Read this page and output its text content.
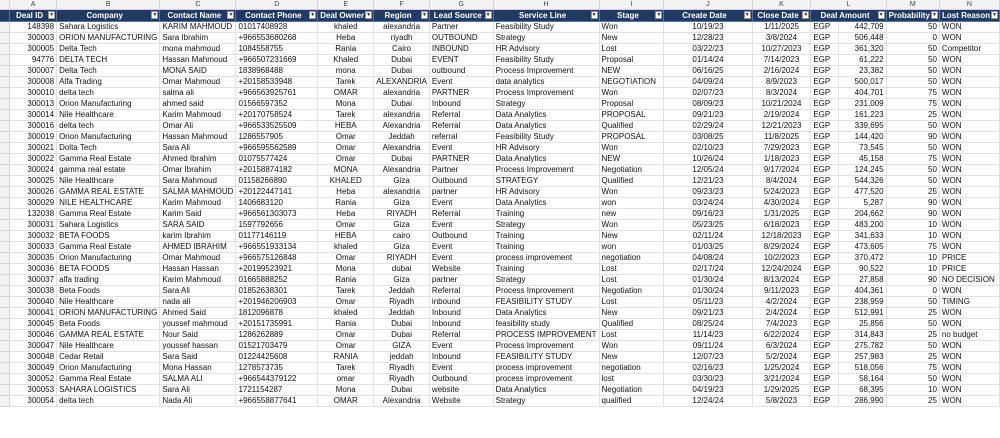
	A	B	C	D	E	F	G	H	I	J	K	L		M	N
	Deal ID ▼	Company ▼	Contact Name ▼	Contact Phone ▼	Deal Owner ▼	Region ▼	Lead Source ▼	Service Line ▼	Stage ▼	Create Date ▼	Close Date ▼	Deal Amount ▼		Probability ▼	Lost Reason ▼

	148398	Sahara Logistics	KARIM MAHMOUD	01017408928	khaled	alexandria	Partner	Feasibility Study	Won	10/19/23	1/11/2025	EGP	442,709	50	WON
	300003	ORION MANUFACTURING	Sara Ibrahim	+966553680268	Heba	riyadh	OUTBOUND	Strategy	New	12/28/23	3/8/2024	EGP	506,448	0	WON
	300005	Delta Tech	mona mahmoud	1084558755	Rania	Cairo	INBOUND	HR Advisory	Lost	03/22/23	10/27/2023	EGP	361,320	50	Competitor
	94776	DELTA TECH	Hassan Mahmoud	+966507231669	Khaled	Dubai	EVENT	Feasibility Study	Proposal	01/14/24	7/14/2023	EGP	61,222	50	WON
	300007	Delta Tech	MONA SAID	1838968488	mona	Dubai	outbound	Process Improvement	NEW	06/16/25	2/16/2024	EGP	23,382	50	WON
	300008	Alfa Trading	Omar Mahmoud	+20158533948	Tarek	ALEXANDRIA	Event	data analytics	NEGOTIATION	04/09/24	8/9/2023	EGP	500,017	50	WON
	300010	delta tech	salma ali	+966563925761	OMAR	alexandria	PARTNER	Process Improvement	Won	02/07/23	8/3/2024	EGP	404,701	75	WON
	300013	Orion Manufacturing	ahmed said	01566597352	Mona	Dubai	Inbound	Strategy	Proposal	08/09/23	10/21/2024	EGP	231,009	75	WON
	300014	Nile Healthcare	Karim Mahmoud	+20170758524	Tarek	alexandria	Referral	Data Analytics	PROPOSAL	09/21/23	2/19/2024	EGP	161,223	25	WON
	300016	delta tech	Omar Ali	+966533525509	HEBA	Alexandria	Referral	Data Analytics	Qualified	02/29/24	12/21/2023	EGP	339,695	50	WON
	300019	Orion Manufacturing	Hassan Mahmoud	1286557905	Omar	Jeddah	referral	Feasibility Study	PROPOSAL	03/08/25	11/8/2025	EGP	144,420	90	WON
	300021	Dolta Tech	Sara Ali	+966595562589	Omar	Alexandria	Event	HR Advisory	Won	02/10/23	7/29/2023	EGP	73,545	50	WON
	300022	Gamma Real Estate	Ahmed Ibrahim	01075577424	Omar	Dubai	PARTNER	Data Analytics	NEW	10/26/24	1/18/2023	EGP	45,158	75	WON
	300024	gamma real estate	Omar Ibrahim	+20158874182	MONA	Alexandria	Partner	Process Improvement	Negotiation	12/05/24	9/17/2024	EGP	124,245	50	WON
	300025	Nile Healthcare	Sara Mahmoud	01158266890	KHALED	Giza	Outbound	STRATEGY	Qualified	12/21/23	8/4/2024	EGP	544,326	50	WON
	300026	GAMMA REAL ESTATE	SALMA MAHMOUD	+20122447141	Heba	alexandria	partner	HR Advisory	Won	09/23/23	5/24/2023	EGP	477,520	25	WON
	300029	NILE HEALTHCARE	Karim Mahmoud	1406683120	Rania	Giza	Event	Data Analytics	won	03/24/24	4/30/2024	EGP	5,287	90	WON
	132038	Gamma Real Estate	Karim Said	+966561303073	Heba	RIYADH	Referral	Training	new	09/16/23	1/31/2025	EGP	204,662	90	WON
	300031	Sahara Logistics	SARA SAID	1597792656	Omar	Giza	Event	Strategy	Won	05/23/25	6/18/2023	EGP	483,200	10	WON
	300032	BETA FOODS	karim Ibrahim	01177146119	HEBA	cairo	Outbound	Training	New	02/11/24	12/18/2023	EGP	341,633	10	WON
	300033	Gamma Real Estate	AHMED IBRAHIM	+966551933134	khaled	Giza	Event	Training	won	01/03/25	8/29/2024	EGP	473,605	75	WON
	300035	Orion Manufacturing	Omar Mahmoud	+966575126848	Omar	RIYADH	Event	process improvement	negotiation	04/08/24	10/2/2023	EGP	370,472	10	PRICE
	300036	BETA FOODS	Hassan Hassan	+20199523921	Mona	dubai	Website	Training	Lost	02/17/24	12/24/2024	EGP	90,522	10	PRICE
	300037	alfa trading	Karim Mahmoud	01665888252	Rania	Giza	partner	Strategy	Lost	01/30/24	8/13/2024	EGP	27,858	90	NO DECISION
	300038	Beta Foods	Sara Ali	01852638301	Tarek	Jeddah	Referral	Process Improvement	Negotiation	01/30/24	9/11/2023	EGP	404,361	0	WON
	300040	Nile Healthcare	nada ali	+201946206903	Omar	Riyadh	inbound	FEASIBILITY STUDY	Lost	05/11/23	4/2/2024	EGP	238,959	50	TIMING
	300041	ORION MANUFACTURING	Ahmed Said	1812096878	khaled	Jeddah	Inbound	Data Analytics	New	09/21/23	2/4/2024	EGP	512,991	25	WON
	300045	Beta Foods	youssef mahmoud	+20151735991	Rania	Dubai	Inbound	feasibility study	Qualified	08/25/24	7/4/2023	EGP	25,856	50	WON
	300046	GAMMA REAL ESTATE	Nour Said	1286262889	Omar	Dubai	Referral	PROCESS IMPROVEMENT	Lost	11/14/23	6/22/2024	EGP	314,843	25	no budget
	300047	Nile Healthcare	youssef hassan	01521703479	Omar	GIZA	Event	Process Improvement	Won	09/11/24	6/3/2024	EGP	275,782	50	WON
	300048	Cedar Retail	Sara Said	01224425608	RANIA	jeddah	Inbound	FEASIBILITY STUDY	New	12/07/23	5/2/2024	EGP	257,983	25	WON
	300049	Orion Manufacturing	Mona Hassan	1278573735	Tarek	Riyadh	Event	process improvement	negotiation	02/16/23	1/25/2024	EGP	518,056	75	WON
	300052	Gamma Real Estate	SALMA ALI	+966544379122	omar	Riyadh	Outbound	process improvement	lost	03/30/23	3/21/2024	EGP	58,164	50	WON
	300053	SAHARA LOGISTICS	Sara Ali	1721154287	Mona	Dubai	website	Data Analytics	Negotiation	04/19/23	1/29/2025	EGP	68,395	10	WON
	300054	delta tech	Nada Ali	+966558877641	OMAR	Alexandria	Website	Strategy	qualified	12/24/24	5/8/2023	EGP	286,990	25	WON
